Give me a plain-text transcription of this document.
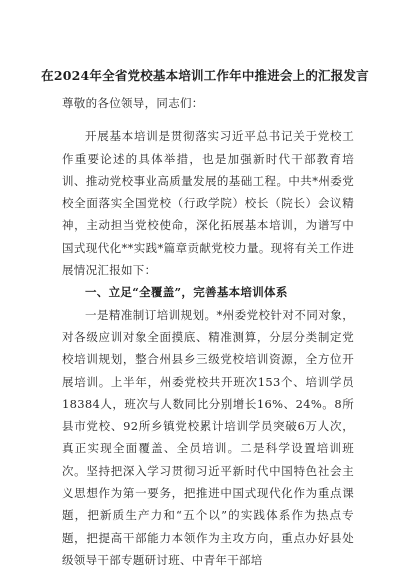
在2024年全省党校基本培训工作年中推进会上的汇报发言

尊敬的各位领导，同志们：

开展基本培训是贯彻落实习近平总书记关于党校工作重要论述的具体举措，也是加强新时代干部教育培训、推动党校事业高质量发展的基础工程。中共*州委党校全面落实全国党校（行政学院）校长（院长）会议精神，主动担当党校使命，深化拓展基本培训，为谱写中国式现代化**实践*篇章贡献党校力量。现将有关工作进展情况汇报如下：

一、立足“全覆盖”，完善基本培训体系

一是精准制订培训规划。*州委党校针对不同对象，对各级应训对象全面摸底、精准测算，分层分类制定党校培训规划，整合州县乡三级党校培训资源，全方位开展培训。上半年，州委党校共开班次153个、培训学员18384人，班次与人数同比分别增长16%、24%。8所县市党校、92所乡镇党校累计培训学员突破6万人次，真正实现全面覆盖、全员培训。二是科学设置培训班次。坚持把深入学习贯彻习近平新时代中国特色社会主义思想作为第一要务，把推进中国式现代化作为重点课题，把新质生产力和“五个以”的实践体系作为热点专题，把提高干部能力本领作为主攻方向，重点办好县处级领导干部专题研讨班、中青年干部培
